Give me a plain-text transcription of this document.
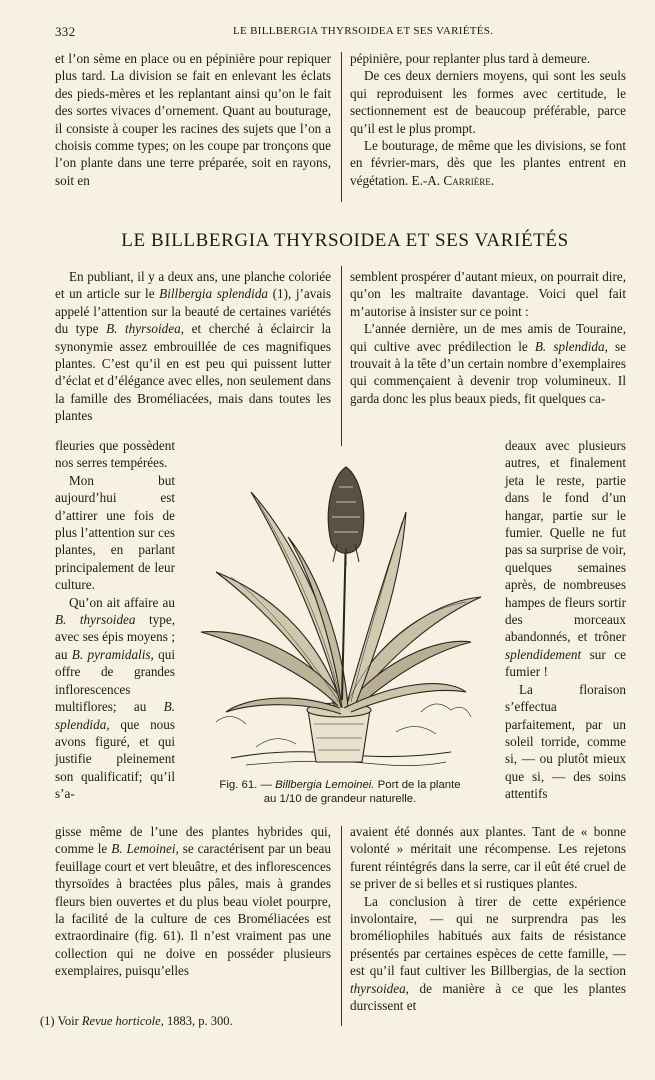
332	LE BILLBERGIA THYRSOIDEA ET SES VARIÉTÉS.

et l’on sème en place ou en pépinière pour repiquer plus tard. La division se fait en enlevant les éclats des pieds-mères et les replantant ainsi qu’on le fait des sortes vivaces d’ornement. Quant au bouturage, il consiste à couper les racines des sujets que l’on a choisis comme types; on les coupe par tronçons que l’on plante dans une terre préparée, soit en rayons, soit en

pépinière, pour replanter plus tard à demeure.

De ces deux derniers moyens, qui sont les seuls qui reproduisent les formes avec certitude, le sectionnement est de beaucoup préférable, parce qu’il est le plus prompt.

Le bouturage, de même que les divisions, se font en février-mars, dès que les plantes entrent en végétation. E.-A. Carrière.

LE BILLBERGIA THYRSOIDEA ET SES VARIÉTÉS

En publiant, il y a deux ans, une planche coloriée et un article sur le Billbergia splendida (1), j’avais appelé l’attention sur la beauté de certaines variétés du type B. thyrsoidea, et cherché à éclaircir la synonymie assez embrouillée de ces magnifiques plantes. C’est qu’il en est peu qui puissent lutter d’éclat et d’élégance avec elles, non seulement dans la famille des Broméliacées, mais dans toutes les plantes

fleuries que possèdent nos serres tempérées.

Mon but aujourd’hui est d’attirer une fois de plus l’attention sur ces plantes, en parlant principalement de leur culture.

Qu’on ait affaire au B. thyrsoidea type, avec ses épis moyens ; au B. pyramidalis, qui offre de grandes inflorescences multiflores; au B. splendida, que nous avons figuré, et qui justifie pleinement son qualificatif; qu’il s’a-

gisse même de l’une des plantes hybrides qui, comme le B. Lemoinei, se caractérisent par un beau feuillage court et vert bleuâtre, et des inflorescences thyrsoïdes à bractées plus pâles, mais à grandes fleurs bien ouvertes et du plus beau violet pourpre, la facilité de la culture de ces Broméliacées est extraordinaire (fig. 61). Il n’est vraiment pas une collection qui ne doive en posséder plusieurs exemplaires, puisqu’elles

semblent prospérer d’autant mieux, on pourrait dire, qu’on les maltraite davantage. Voici quel fait m’autorise à insister sur ce point :

L’année dernière, un de mes amis de Touraine, qui cultive avec prédilection le B. splendida, se trouvait à la tête d’un certain nombre d’exemplaires qui commençaient à devenir trop volumineux. Il garda donc les plus beaux pieds, fit quelques ca-

deaux avec plusieurs autres, et finalement jeta le reste, partie dans le fond d’un hangar, partie sur le fumier. Quelle ne fut pas sa surprise de voir, quelques semaines après, de nombreuses hampes de fleurs sortir des morceaux abandonnés, et trôner splendidement sur ce fumier !

La floraison s’effectua parfaitement, par un soleil torride, comme si, — ou plutôt mieux que si, — des soins attentifs

avaient été donnés aux plantes. Tant de « bonne volonté » méritait une récompense. Les rejetons furent réintégrés dans la serre, car il eût été cruel de se priver de si belles et si rustiques plantes.

La conclusion à tirer de cette expérience involontaire, — qui ne surprendra pas les broméliophiles habitués aux faits de résistance présentés par certaines espèces de cette famille, — est qu’il faut cultiver les Billbergias, de la section thyrsoidea, de manière à ce que les plantes durcissent et

Fig. 61. — Billbergia Lemoinei. Port de la plante
au 1/10 de grandeur naturelle.
(1) Voir Revue horticole, 1883, p. 300.
